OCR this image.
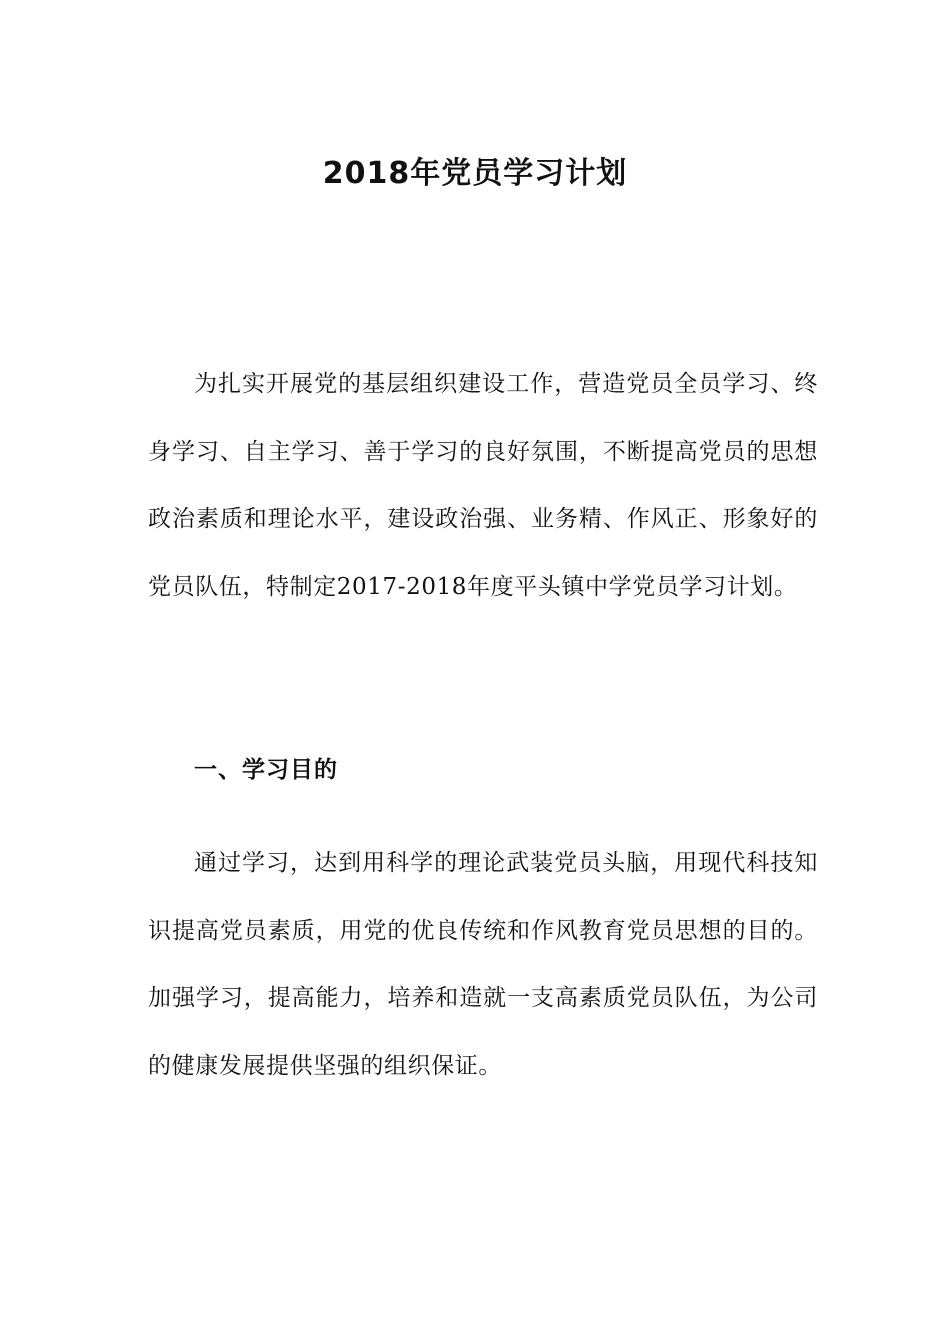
2018年党员学习计划

为扎实开展党的基层组织建设工作，营造党员全员学习、终身学习、自主学习、善于学习的良好氛围，不断提高党员的思想政治素质和理论水平，建设政治强、业务精、作风正、形象好的党员队伍，特制定2017-2018年度平头镇中学党员学习计划。

一、学习目的

通过学习，达到用科学的理论武装党员头脑，用现代科技知识提高党员素质，用党的优良传统和作风教育党员思想的目的。加强学习，提高能力，培养和造就一支高素质党员队伍，为公司的健康发展提供坚强的组织保证。
